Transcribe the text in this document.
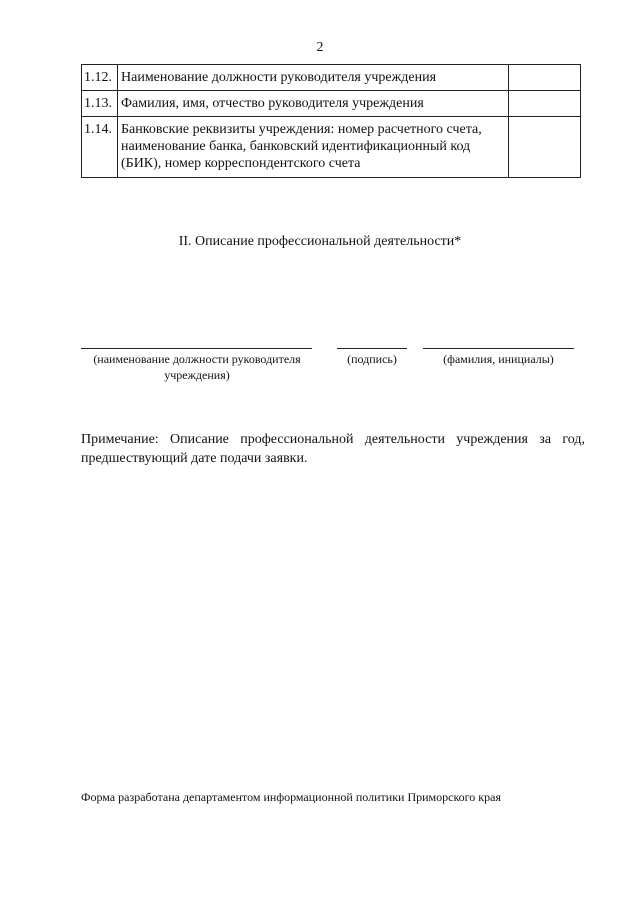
2
1.12.	Наименование должности руководителя учреждения	
1.13.	Фамилия, имя, отчество руководителя учреждения	
1.14.	Банковские реквизиты учреждения: номер расчетного счета, наименование банка, банковский идентификационный код (БИК), номер корреспондентского счета	
II. Описание профессиональной деятельности*
(наименование должности руководителя
учреждения)
(подпись)	(фамилия, инициалы)
Примечание: Описание профессиональной деятельности учреждения за год, предшествующий дате подачи заявки.
Форма разработана департаментом информационной политики Приморского края
